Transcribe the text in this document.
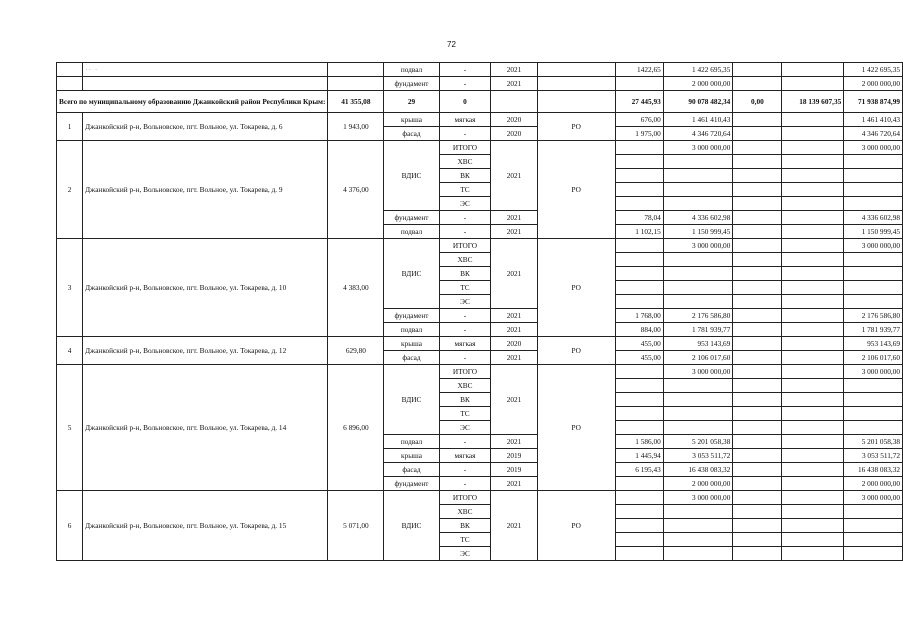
72
	·· ·		подвал	-	2021		1422,65	1 422 695,35			1 422 695,35
			фундамент	-	2021			2 000 000,00			2 000 000,00
Всего по муниципальному образованию Джанкойский район Республики Крым:		41 355,08	29	0			27 445,93	90 078 482,34	0,00	18 139 607,35	71 938 874,99
1	Джанкойский р-н, Вольновское, пгт. Вольное, ул. Токарева, д. 6	1 943,00	крыша	мягкая	2020	РО	676,00	1 461 410,43			1 461 410,43
			фасад	-	2020		1 975,00	4 346 720,64			4 346 720,64
2	Джанкойский р-н, Вольновское, пгт. Вольное, ул. Токарева, д. 9	4 376,00	ВДИС	ИТОГО	2021	РО		3 000 000,00			3 000 000,00
				ХВС							
				ВК							
				ТС							
				ЭС							
			фундамент	-	2021		78,04	4 336 602,98			4 336 602,98
			подвал	-	2021		1 102,15	1 150 999,45			1 150 999,45
3	Джанкойский р-н, Вольновское, пгт. Вольное, ул. Токарева, д. 10	4 383,00	ВДИС	ИТОГО	2021	РО		3 000 000,00			3 000 000,00
				ХВС							
				ВК							
				ТС							
				ЭС							
			фундамент	-	2021		1 768,00	2 176 586,80			2 176 586,80
			подвал	-	2021		884,00	1 781 939,77			1 781 939,77
4	Джанкойский р-н, Вольновское, пгт. Вольное, ул. Токарева, д. 12	629,80	крыша	мягкая	2020	РО	455,00	953 143,69			953 143,69
			фасад	-	2021		455,00	2 106 017,60			2 106 017,60
5	Джанкойский р-н, Вольновское, пгт. Вольное, ул. Токарева, д. 14	6 896,00	ВДИС	ИТОГО	2021	РО		3 000 000,00			3 000 000,00
				ХВС							
				ВК							
				ТС							
				ЭС							
			подвал	-	2021		1 586,00	5 201 058,38			5 201 058,38
			крыша	мягкая	2019		1 445,94	3 053 511,72			3 053 511,72
			фасад	-	2019		6 195,43	16 438 083,32			16 438 083,32
			фундамент	-	2021			2 000 000,00			2 000 000,00
6	Джанкойский р-н, Вольновское, пгт. Вольное, ул. Токарева, д. 15	5 071,00	ВДИС	ИТОГО	2021	РО		3 000 000,00			3 000 000,00
				ХВС							
				ВК							
				ТС							
				ЭС							
